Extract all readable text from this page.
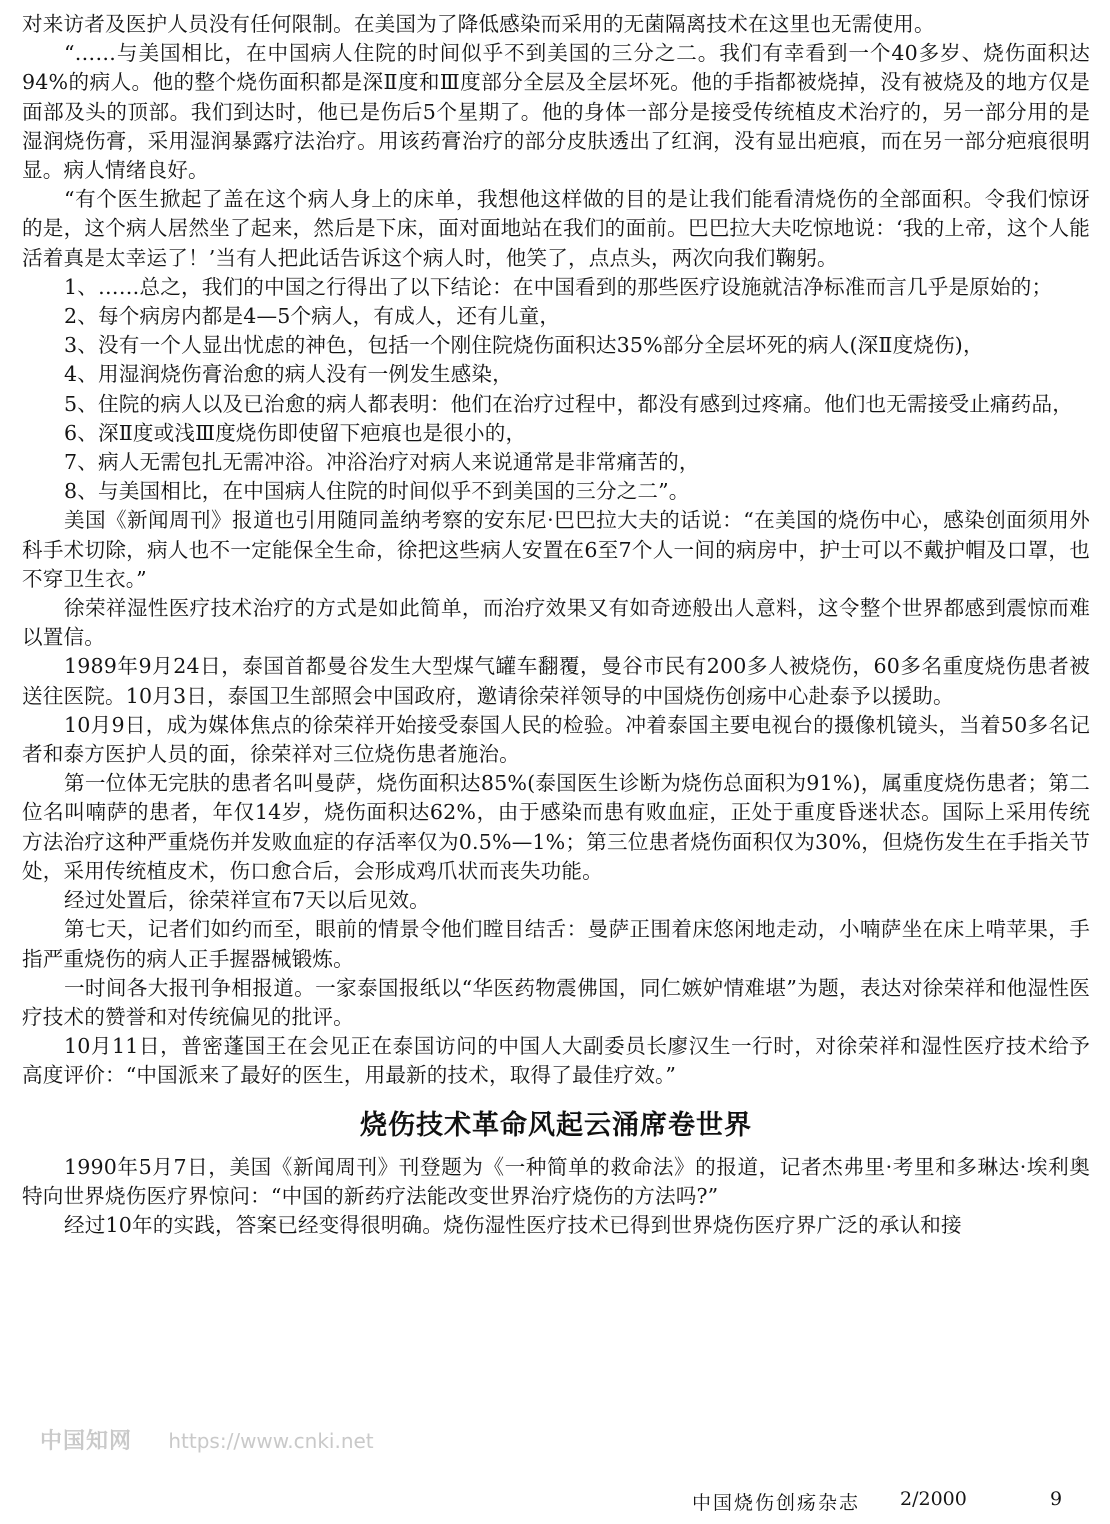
对来访者及医护人员没有任何限制。在美国为了降低感染而采用的无菌隔离技术在这里也无需使用。

“……与美国相比，在中国病人住院的时间似乎不到美国的三分之二。我们有幸看到一个40多岁、烧伤面积达94%的病人。他的整个烧伤面积都是深Ⅱ度和Ⅲ度部分全层及全层坏死。他的手指都被烧掉，没有被烧及的地方仅是面部及头的顶部。我们到达时，他已是伤后5个星期了。他的身体一部分是接受传统植皮术治疗的，另一部分用的是湿润烧伤膏，采用湿润暴露疗法治疗。用该药膏治疗的部分皮肤透出了红润，没有显出疤痕，而在另一部分疤痕很明显。病人情绪良好。

“有个医生掀起了盖在这个病人身上的床单，我想他这样做的目的是让我们能看清烧伤的全部面积。令我们惊讶的是，这个病人居然坐了起来，然后是下床，面对面地站在我们的面前。巴巴拉大夫吃惊地说：‘我的上帝，这个人能活着真是太幸运了！’当有人把此话告诉这个病人时，他笑了，点点头，两次向我们鞠躬。

1、……总之，我们的中国之行得出了以下结论：在中国看到的那些医疗设施就洁净标准而言几乎是原始的；

2、每个病房内都是4—5个病人，有成人，还有儿童，

3、没有一个人显出忧虑的神色，包括一个刚住院烧伤面积达35%部分全层坏死的病人(深Ⅱ度烧伤)，

4、用湿润烧伤膏治愈的病人没有一例发生感染，

5、住院的病人以及已治愈的病人都表明：他们在治疗过程中，都没有感到过疼痛。他们也无需接受止痛药品，

6、深Ⅱ度或浅Ⅲ度烧伤即使留下疤痕也是很小的，

7、病人无需包扎无需冲浴。冲浴治疗对病人来说通常是非常痛苦的，

8、与美国相比，在中国病人住院的时间似乎不到美国的三分之二”。

美国《新闻周刊》报道也引用随同盖纳考察的安东尼·巴巴拉大夫的话说：“在美国的烧伤中心，感染创面须用外科手术切除，病人也不一定能保全生命，徐把这些病人安置在6至7个人一间的病房中，护士可以不戴护帽及口罩，也不穿卫生衣。”

徐荣祥湿性医疗技术治疗的方式是如此简单，而治疗效果又有如奇迹般出人意料，这令整个世界都感到震惊而难以置信。

1989年9月24日，泰国首都曼谷发生大型煤气罐车翻覆，曼谷市民有200多人被烧伤，60多名重度烧伤患者被送往医院。10月3日，泰国卫生部照会中国政府，邀请徐荣祥领导的中国烧伤创疡中心赴泰予以援助。

10月9日，成为媒体焦点的徐荣祥开始接受泰国人民的检验。冲着泰国主要电视台的摄像机镜头，当着50多名记者和泰方医护人员的面，徐荣祥对三位烧伤患者施治。

第一位体无完肤的患者名叫曼萨，烧伤面积达85%(泰国医生诊断为烧伤总面积为91%)，属重度烧伤患者；第二位名叫喃萨的患者，年仅14岁，烧伤面积达62%，由于感染而患有败血症，正处于重度昏迷状态。国际上采用传统方法治疗这种严重烧伤并发败血症的存活率仅为0.5%—1%；第三位患者烧伤面积仅为30%，但烧伤发生在手指关节处，采用传统植皮术，伤口愈合后，会形成鸡爪状而丧失功能。

经过处置后，徐荣祥宣布7天以后见效。

第七天，记者们如约而至，眼前的情景令他们瞠目结舌：曼萨正围着床悠闲地走动，小喃萨坐在床上啃苹果，手指严重烧伤的病人正手握器械锻炼。

一时间各大报刊争相报道。一家泰国报纸以“华医药物震佛国，同仁嫉妒情难堪”为题，表达对徐荣祥和他湿性医疗技术的赞誉和对传统偏见的批评。

10月11日，普密蓬国王在会见正在泰国访问的中国人大副委员长廖汉生一行时，对徐荣祥和湿性医疗技术给予高度评价：“中国派来了最好的医生，用最新的技术，取得了最佳疗效。”

烧伤技术革命风起云涌席卷世界

1990年5月7日，美国《新闻周刊》刊登题为《一种简单的救命法》的报道，记者杰弗里·考里和多琳达·埃利奥特向世界烧伤医疗界惊问：“中国的新药疗法能改变世界治疗烧伤的方法吗?”

经过10年的实践，答案已经变得很明确。烧伤湿性医疗技术已得到世界烧伤医疗界广泛的承认和接

中国知网 https://www.cnki.net
中国烧伤创疡杂志 2/2000	9
